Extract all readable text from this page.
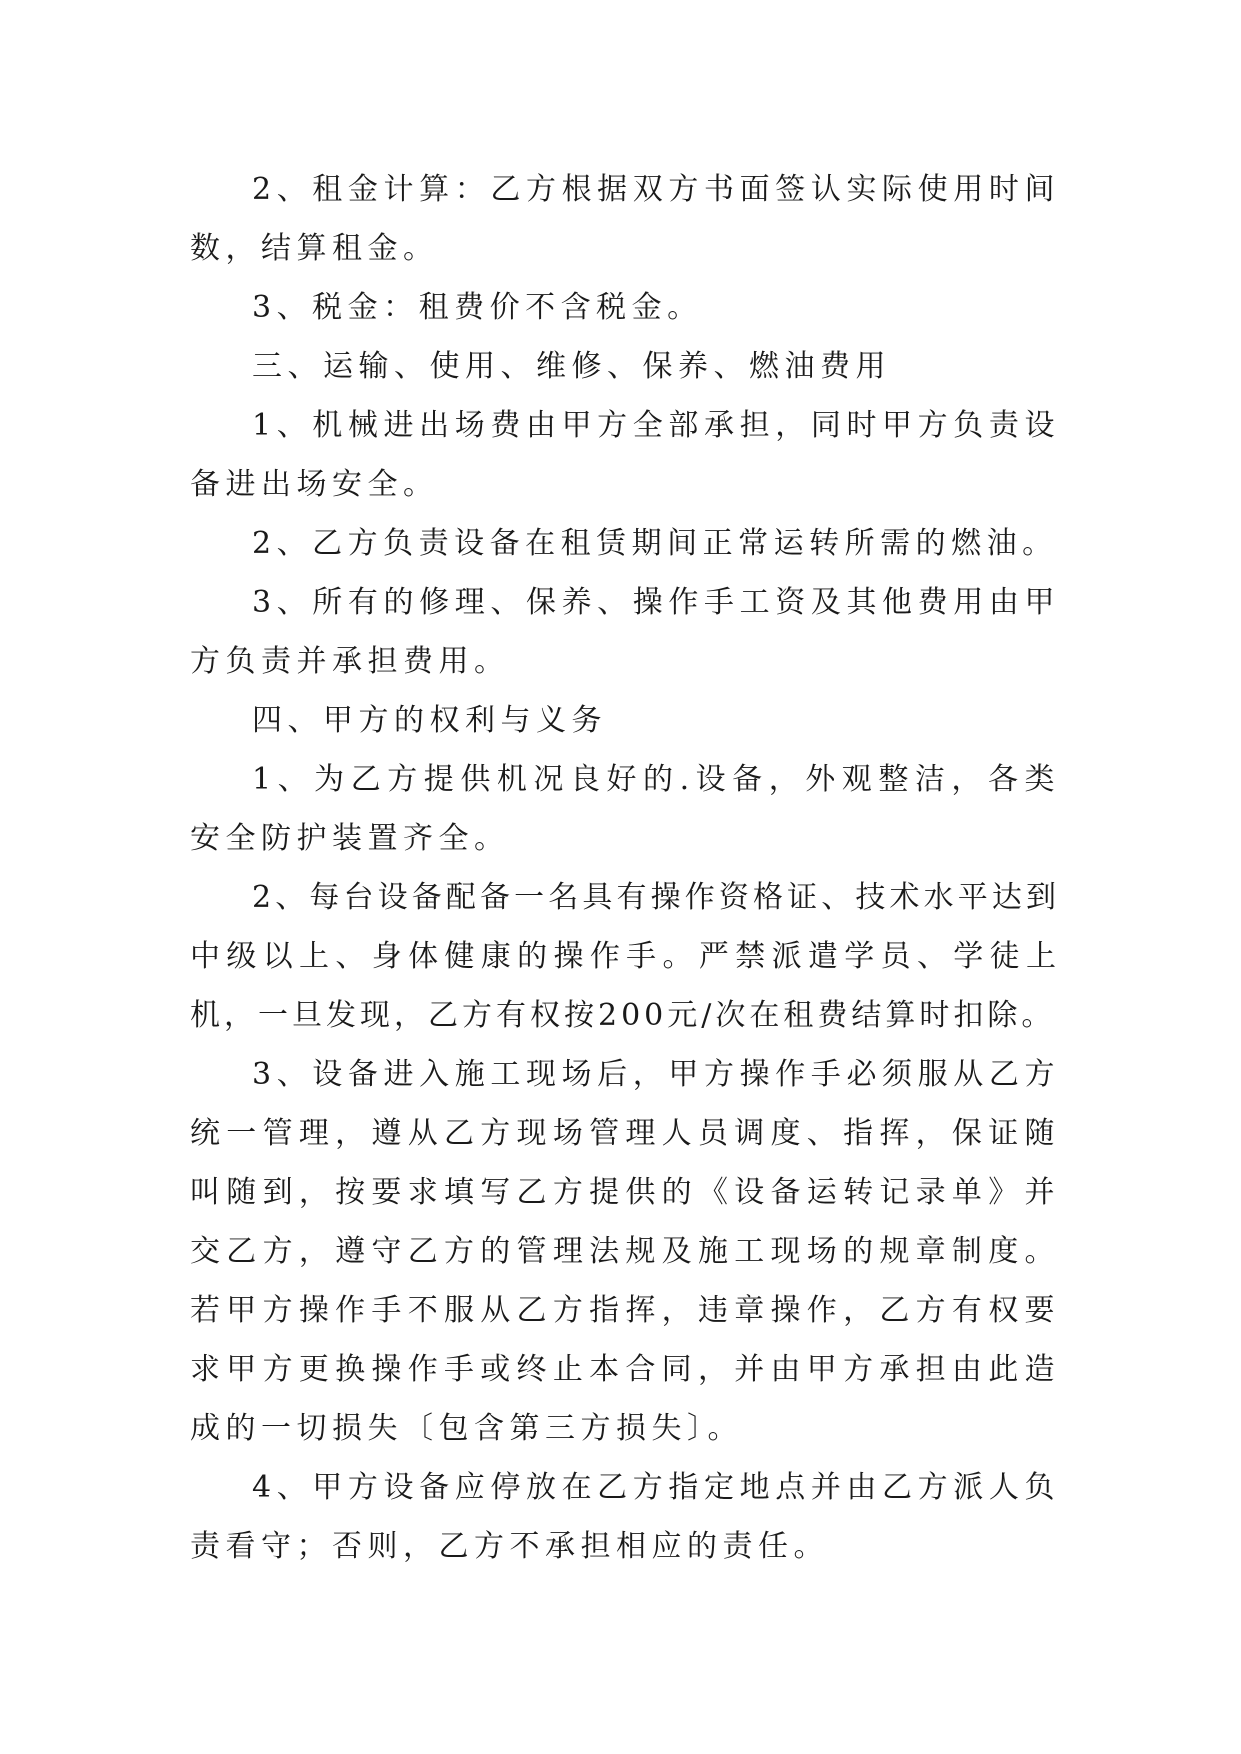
2、租金计算：乙方根据双方书面签认实际使用时间数，结算租金。

3、税金：租费价不含税金。

三、运输、使用、维修、保养、燃油费用

1、机械进出场费由甲方全部承担，同时甲方负责设备进出场安全。

2、乙方负责设备在租赁期间正常运转所需的燃油。

3、所有的修理、保养、操作手工资及其他费用由甲方负责并承担费用。

四、甲方的权利与义务

1、为乙方提供机况良好的.设备，外观整洁，各类安全防护装置齐全。

2、每台设备配备一名具有操作资格证、技术水平达到中级以上、身体健康的操作手。严禁派遣学员、学徒上机，一旦发现，乙方有权按200元/次在租费结算时扣除。

3、设备进入施工现场后，甲方操作手必须服从乙方统一管理，遵从乙方现场管理人员调度、指挥，保证随叫随到，按要求填写乙方提供的《设备运转记录单》并交乙方，遵守乙方的管理法规及施工现场的规章制度。若甲方操作手不服从乙方指挥，违章操作，乙方有权要求甲方更换操作手或终止本合同，并由甲方承担由此造成的一切损失〔包含第三方损失〕。

4、甲方设备应停放在乙方指定地点并由乙方派人负责看守；否则，乙方不承担相应的责任。
